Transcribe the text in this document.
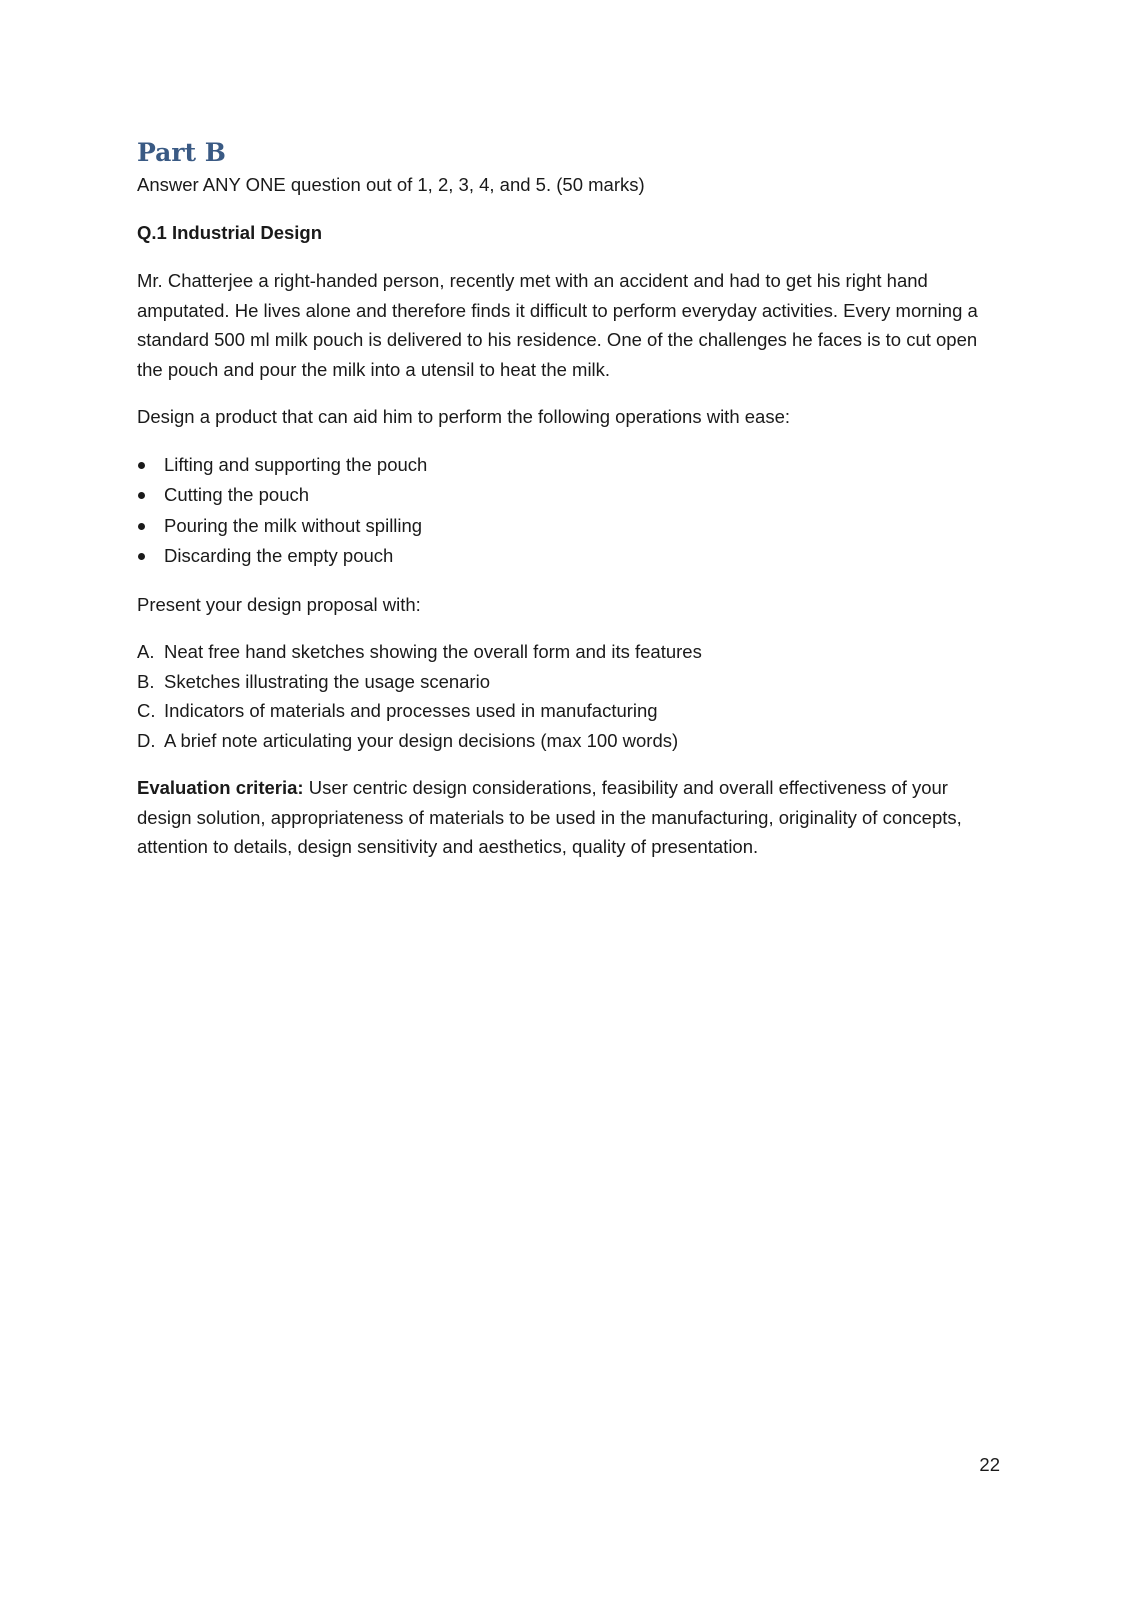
Part B

Answer ANY ONE question out of 1, 2, 3, 4, and 5. (50 marks)

Q.1 Industrial Design

Mr. Chatterjee a right-handed person, recently met with an accident and had to get his right hand amputated. He lives alone and therefore finds it difficult to perform everyday activities. Every morning a standard 500 ml milk pouch is delivered to his residence. One of the challenges he faces is to cut open the pouch and pour the milk into a utensil to heat the milk.

Design a product that can aid him to perform the following operations with ease:

Lifting and supporting the pouch
Cutting the pouch
Pouring the milk without spilling
Discarding the empty pouch

Present your design proposal with:

A. Neat free hand sketches showing the overall form and its features
B. Sketches illustrating the usage scenario
C. Indicators of materials and processes used in manufacturing
D. A brief note articulating your design decisions (max 100 words)

Evaluation criteria: User centric design considerations, feasibility and overall effectiveness of your design solution, appropriateness of materials to be used in the manufacturing, originality of concepts, attention to details, design sensitivity and aesthetics, quality of presentation.

22
